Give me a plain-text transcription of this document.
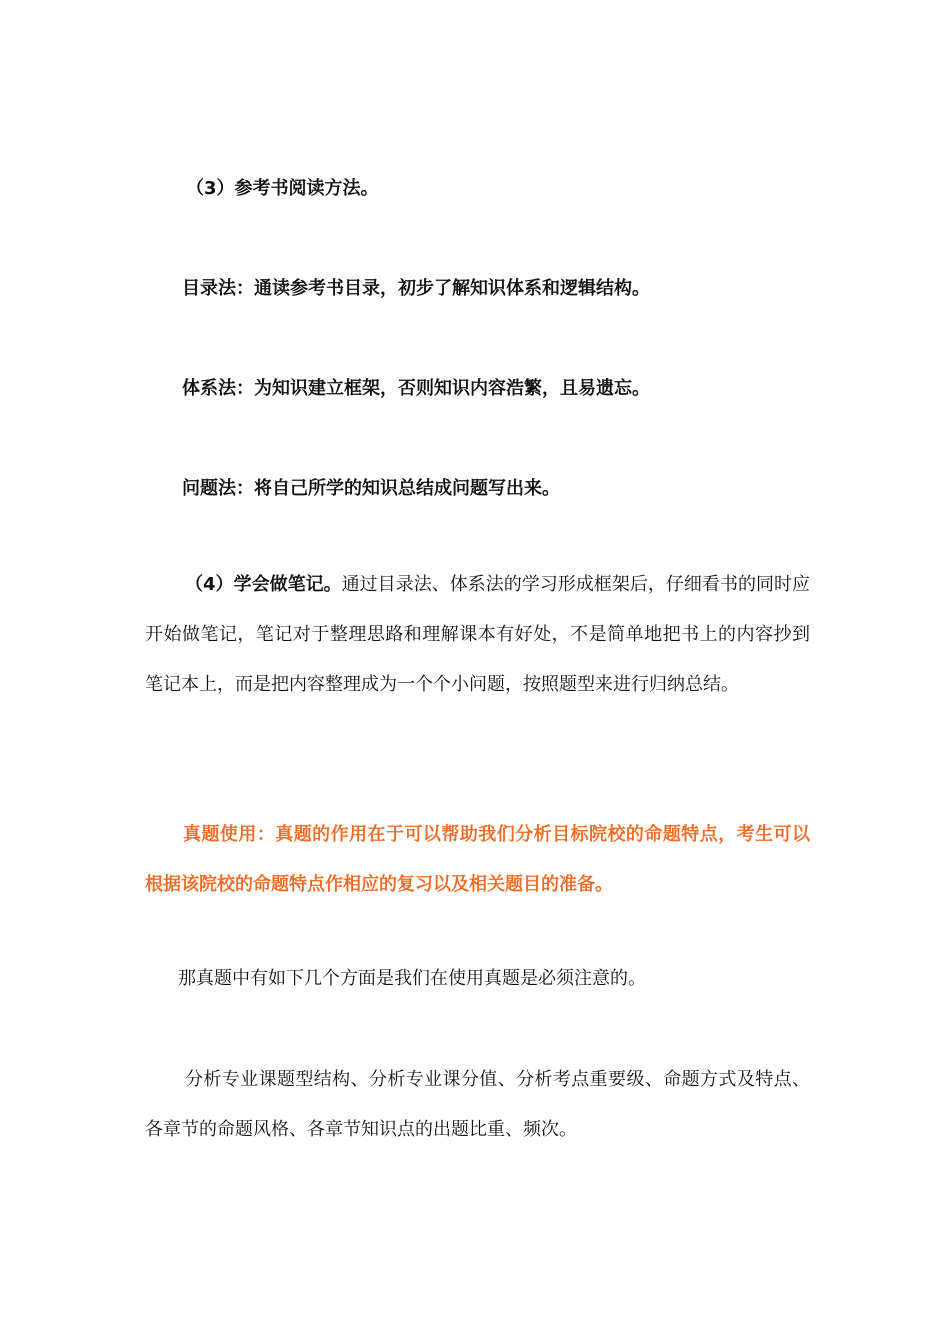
（3）参考书阅读方法。
目录法：通读参考书目录，初步了解知识体系和逻辑结构。
体系法：为知识建立框架，否则知识内容浩繁，且易遗忘。
问题法：将自己所学的知识总结成问题写出来。
（4）学会做笔记。通过目录法、体系法的学习形成框架后，仔细看书的同时应开始做笔记，笔记对于整理思路和理解课本有好处，不是简单地把书上的内容抄到笔记本上，而是把内容整理成为一个个小问题，按照题型来进行归纳总结。
真题使用：真题的作用在于可以帮助我们分析目标院校的命题特点，考生可以根据该院校的命题特点作相应的复习以及相关题目的准备。
那真题中有如下几个方面是我们在使用真题是必须注意的。
分析专业课题型结构、分析专业课分值、分析考点重要级、命题方式及特点、各章节的命题风格、各章节知识点的出题比重、频次。
